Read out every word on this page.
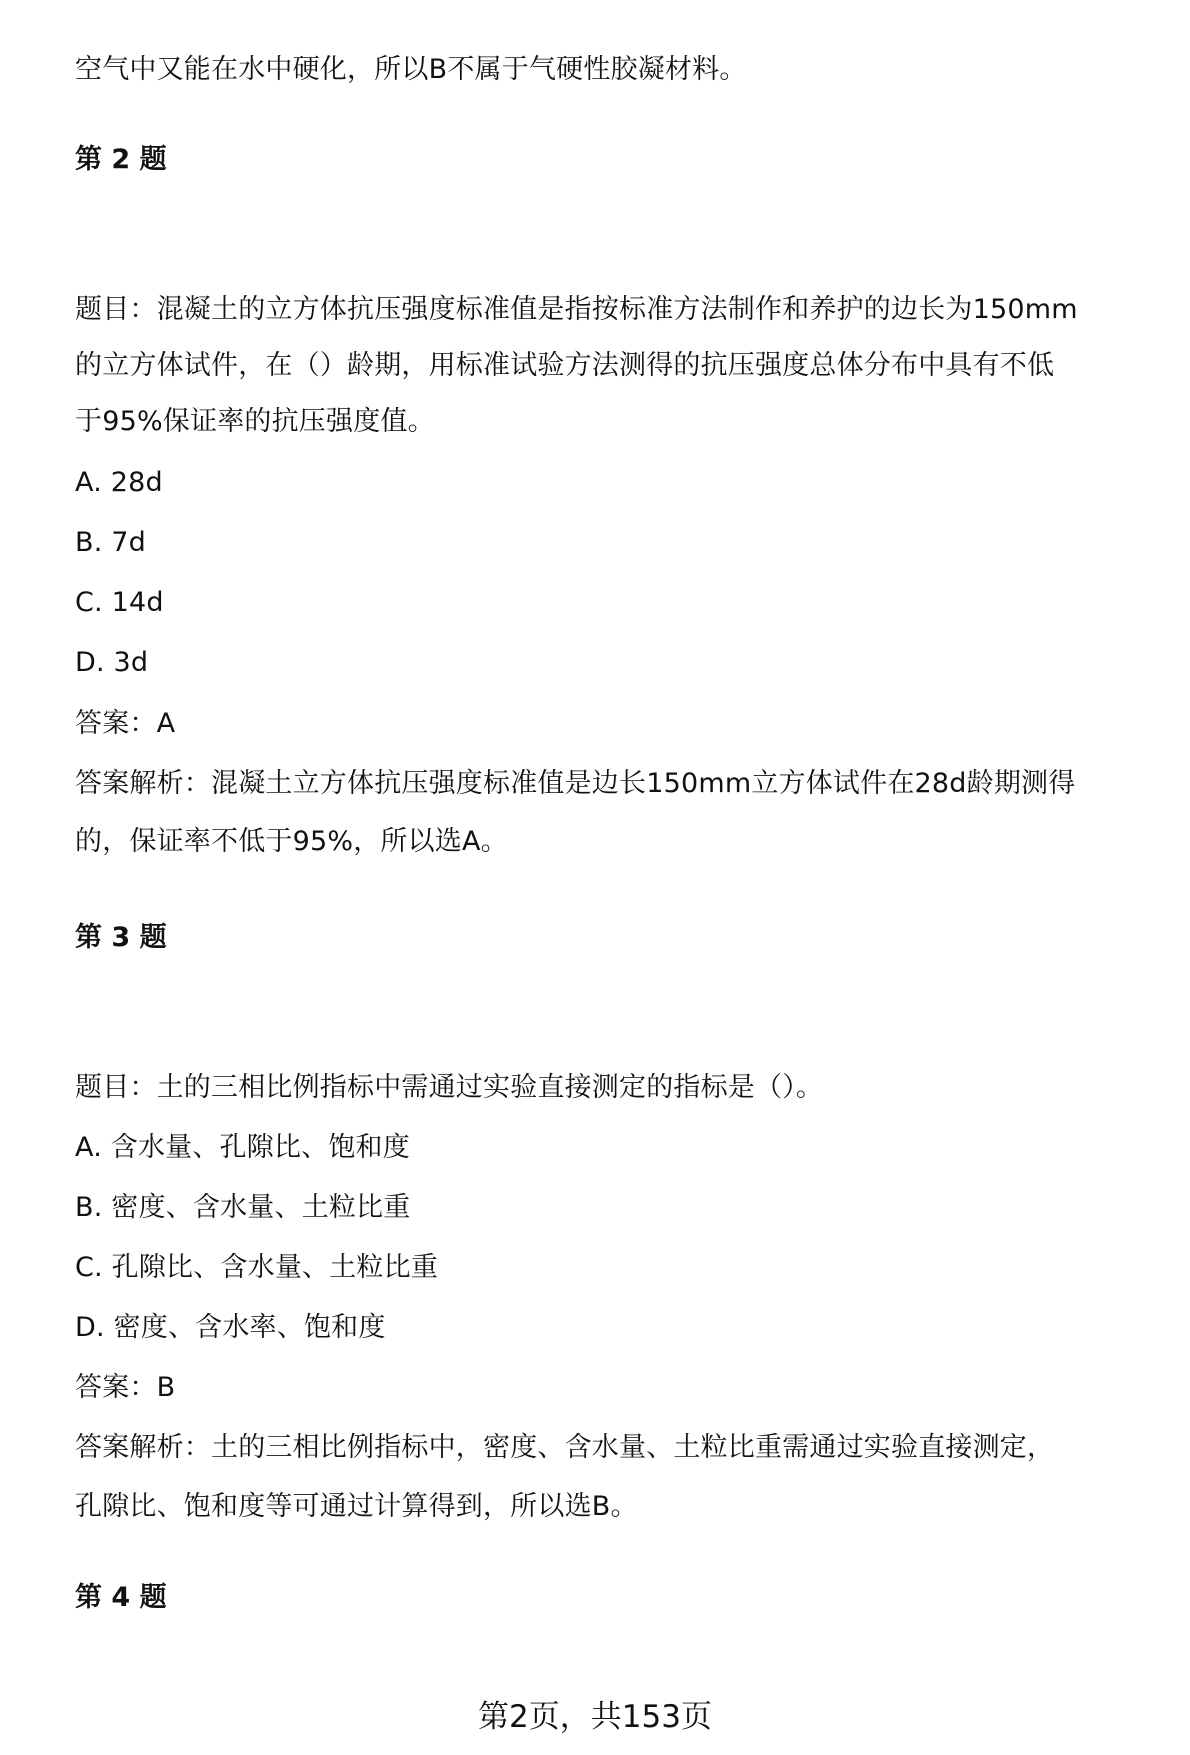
空气中又能在水中硬化，所以B不属于气硬性胶凝材料。
第 2 题
题目：混凝土的立方体抗压强度标准值是指按标准方法制作和养护的边长为150mm
的立方体试件，在（）龄期，用标准试验方法测得的抗压强度总体分布中具有不低
于95%保证率的抗压强度值。
A. 28d
B. 7d
C. 14d
D. 3d
答案：A
答案解析：混凝土立方体抗压强度标准值是边长150mm立方体试件在28d龄期测得
的，保证率不低于95%，所以选A。
第 3 题
题目：土的三相比例指标中需通过实验直接测定的指标是（）。
A. 含水量、孔隙比、饱和度
B. 密度、含水量、土粒比重
C. 孔隙比、含水量、土粒比重
D. 密度、含水率、饱和度
答案：B
答案解析：土的三相比例指标中，密度、含水量、土粒比重需通过实验直接测定，
孔隙比、饱和度等可通过计算得到，所以选B。
第 4 题
第2页，共153页
